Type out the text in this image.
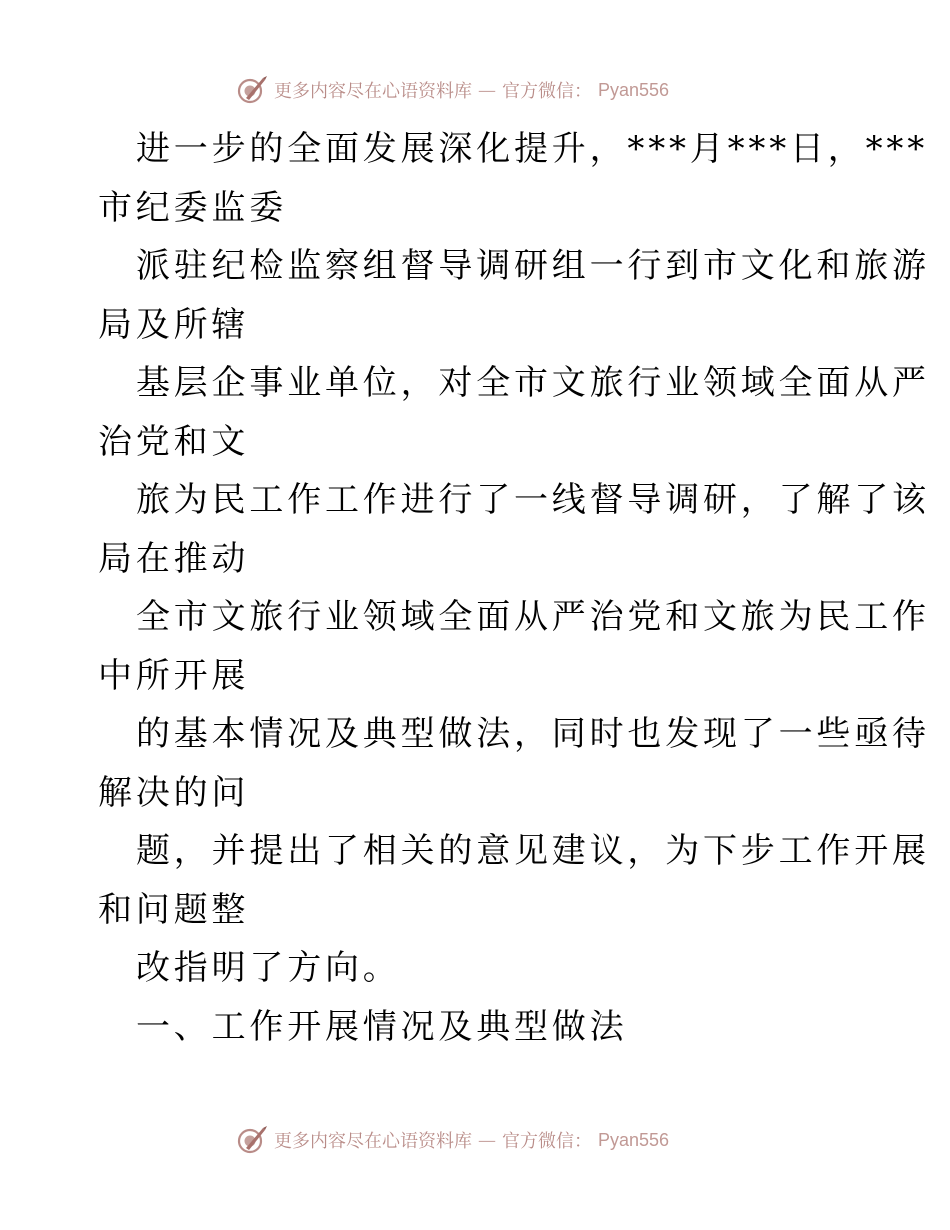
更多内容尽在心语资料库 — 官方微信： Pyan556
进一步的全面发展深化提升，***月***日，***
市纪委监委
派驻纪检监察组督导调研组一行到市文化和旅游
局及所辖
基层企事业单位，对全市文旅行业领域全面从严
治党和文
旅为民工作工作进行了一线督导调研，了解了该
局在推动
全市文旅行业领域全面从严治党和文旅为民工作
中所开展
的基本情况及典型做法，同时也发现了一些亟待
解决的问
题，并提出了相关的意见建议，为下步工作开展
和问题整
改指明了方向。
一、工作开展情况及典型做法
更多内容尽在心语资料库 — 官方微信： Pyan556
